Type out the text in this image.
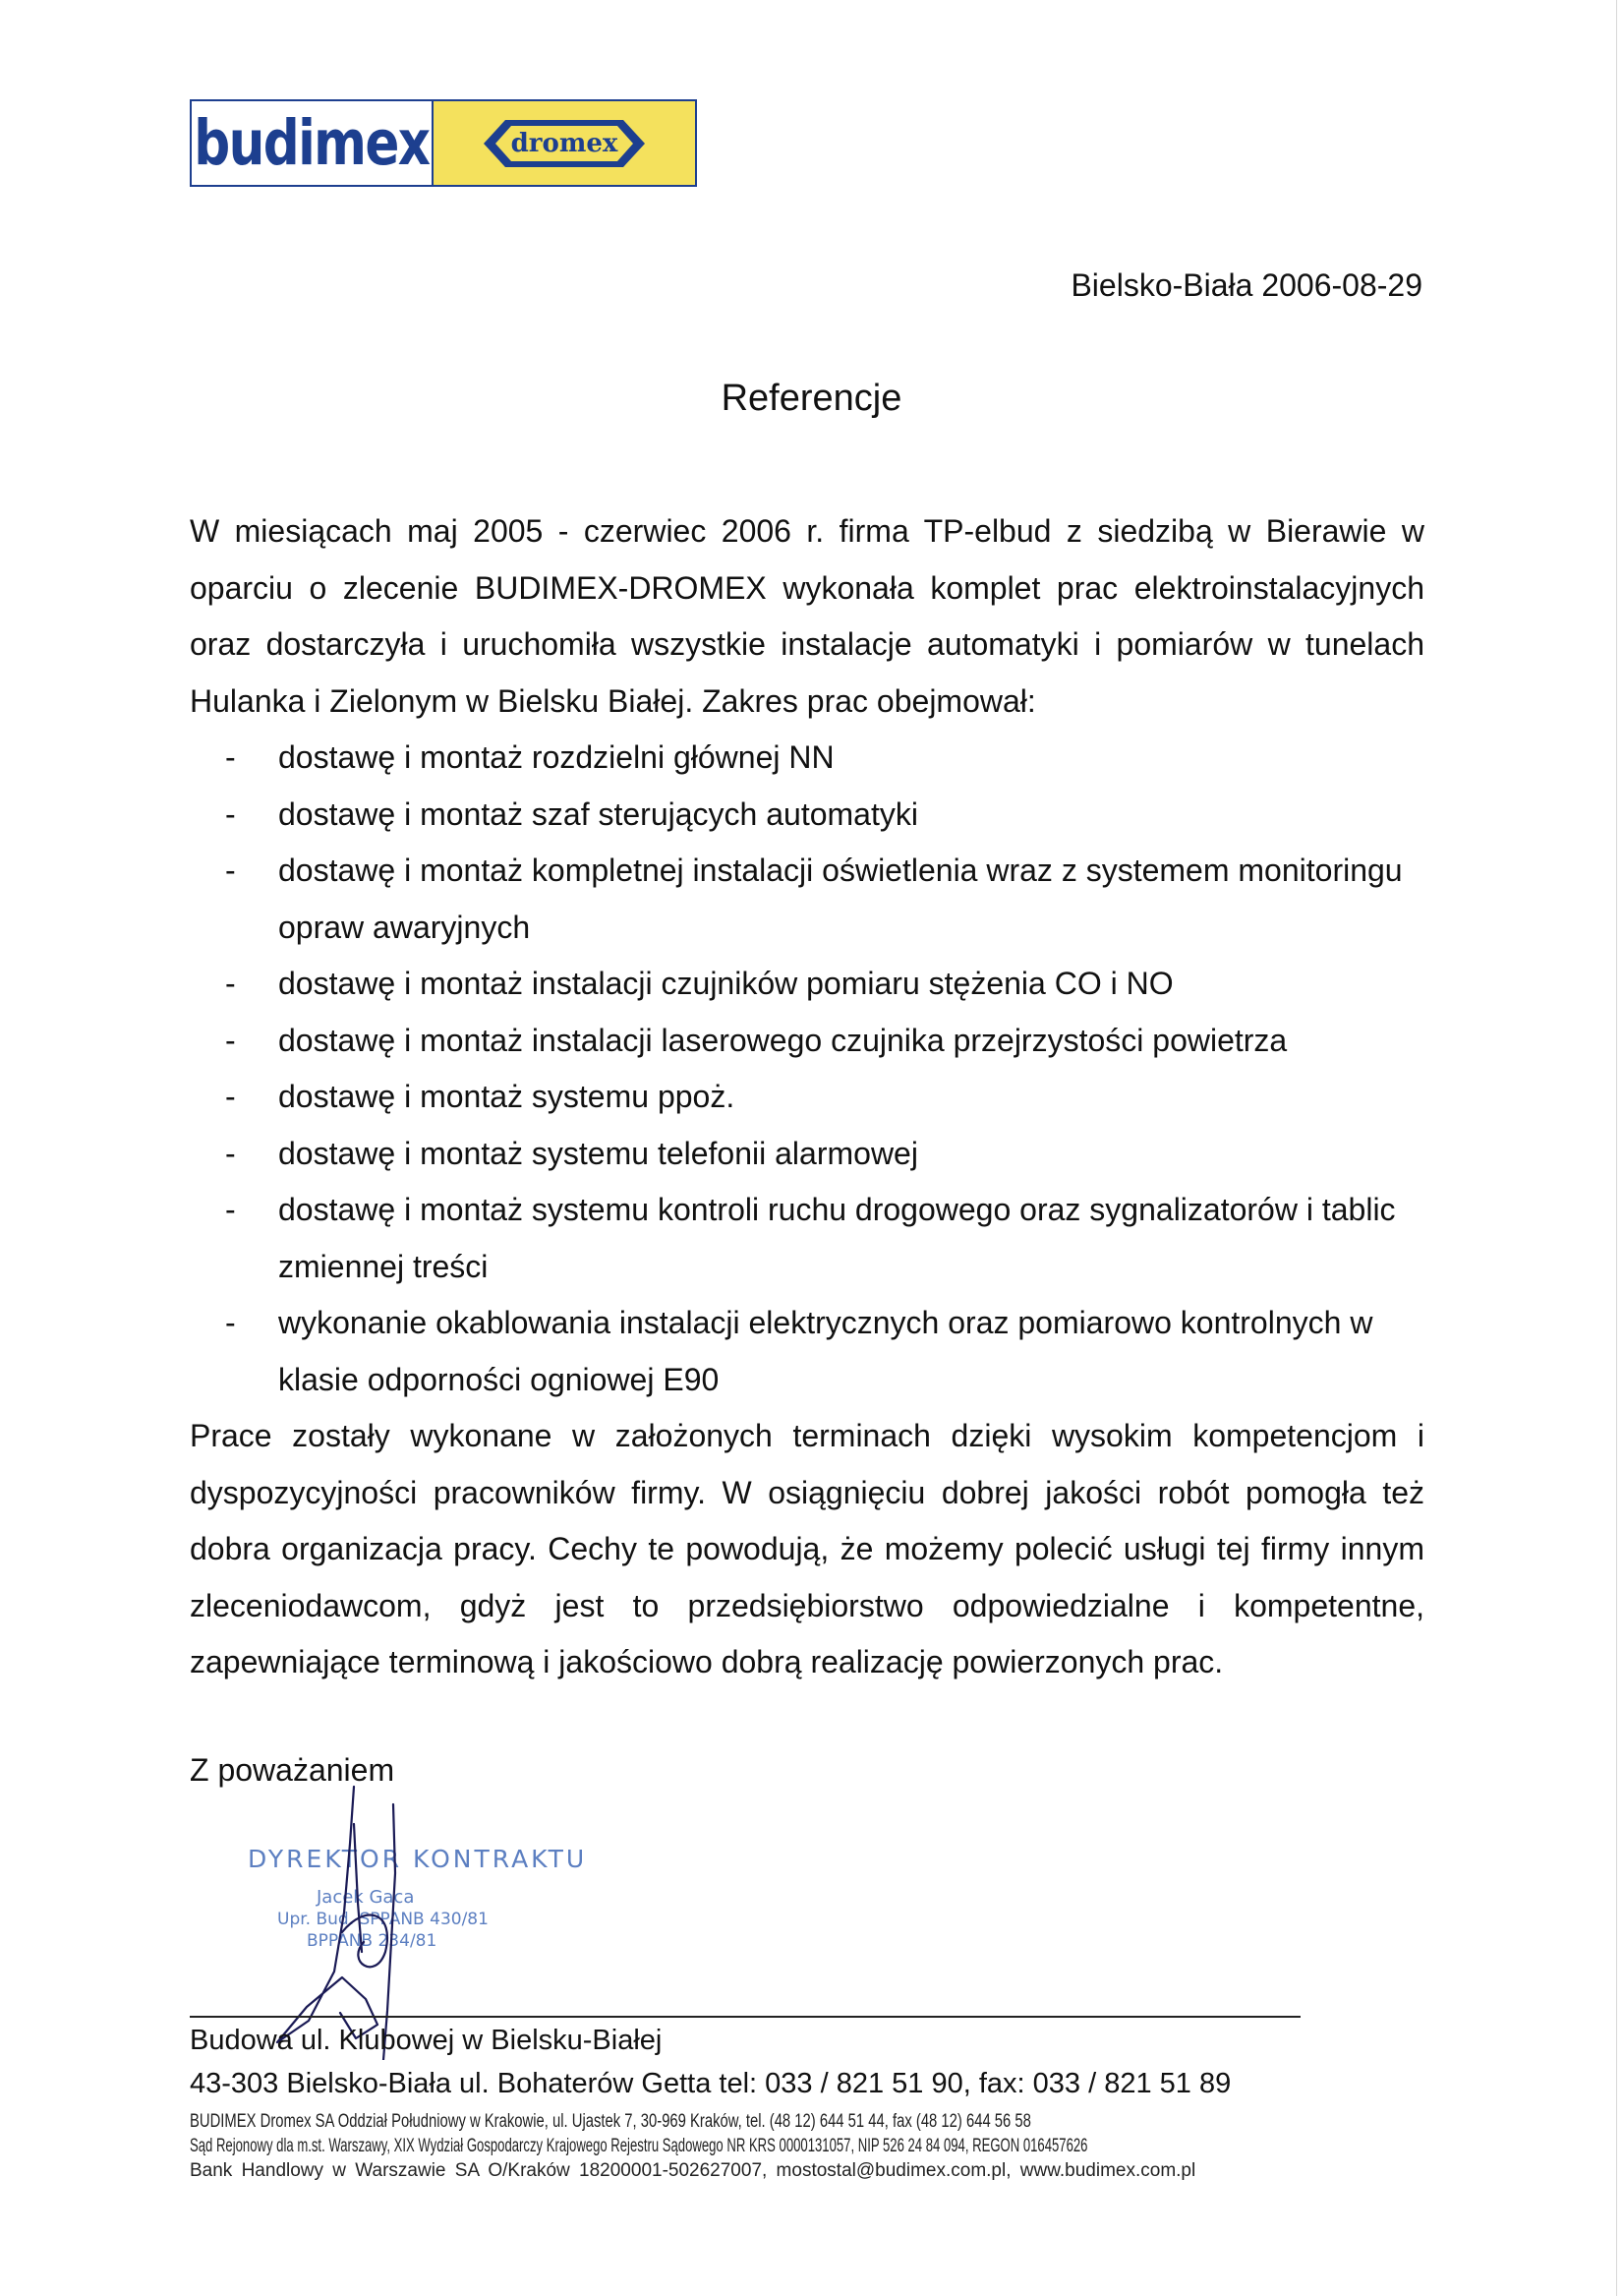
budimex	dromex
Bielsko-Biała 2006-08-29
Referencje

W miesiącach maj 2005 - czerwiec 2006 r. firma TP-elbud z siedzibą w Bierawie w oparciu o zlecenie BUDIMEX-DROMEX wykonała komplet prac elektroinstalacyjnych oraz dostarczyła i uruchomiła wszystkie instalacje automatyki i pomiarów w tunelach Hulanka i Zielonym w Bielsku Białej. Zakres prac obejmował:

-	dostawę i montaż rozdzielni głównej NN
-	dostawę i montaż szaf sterujących automatyki
-	dostawę i montaż kompletnej instalacji oświetlenia wraz z systemem monitoringu opraw awaryjnych
-	dostawę i montaż instalacji czujników pomiaru stężenia CO i NO
-	dostawę i montaż instalacji laserowego czujnika przejrzystości powietrza
-	dostawę i montaż systemu ppoż.
-	dostawę i montaż systemu telefonii alarmowej
-	dostawę i montaż systemu kontroli ruchu drogowego oraz sygnalizatorów i tablic zmiennej treści
-	wykonanie okablowania instalacji elektrycznych oraz pomiarowo kontrolnych w klasie odporności ogniowej E90

Prace zostały wykonane w założonych terminach dzięki wysokim kompetencjom i dyspozycyjności pracowników firmy. W osiągnięciu dobrej jakości robót pomogła też dobra organizacja pracy. Cechy te powodują, że możemy polecić usługi tej firmy innym zleceniodawcom, gdyż jest to przedsiębiorstwo odpowiedzialne i kompetentne, zapewniające terminową i jakościowo dobrą realizację powierzonych prac.

Z poważaniem
DYREKTOR KONTRAKTU
Jacek Gaca
Upr. Bud. SPPANB 430/81
BPPANB 234/81
Budowa ul. Klubowej w Bielsku-Białej
43-303 Bielsko-Biała ul. Bohaterów Getta tel: 033 / 821 51 90, fax: 033 / 821 51 89
BUDIMEX Dromex SA Oddział Południowy w Krakowie, ul. Ujastek 7, 30-969 Kraków, tel. (48 12) 644 51 44, fax (48 12) 644 56 58
Sąd Rejonowy dla m.st. Warszawy, XIX Wydział Gospodarczy Krajowego Rejestru Sądowego NR KRS 0000131057, NIP 526 24 84 094, REGON 016457626
Bank Handlowy w Warszawie SA O/Kraków 18200001-502627007, mostostal@budimex.com.pl, www.budimex.com.pl
